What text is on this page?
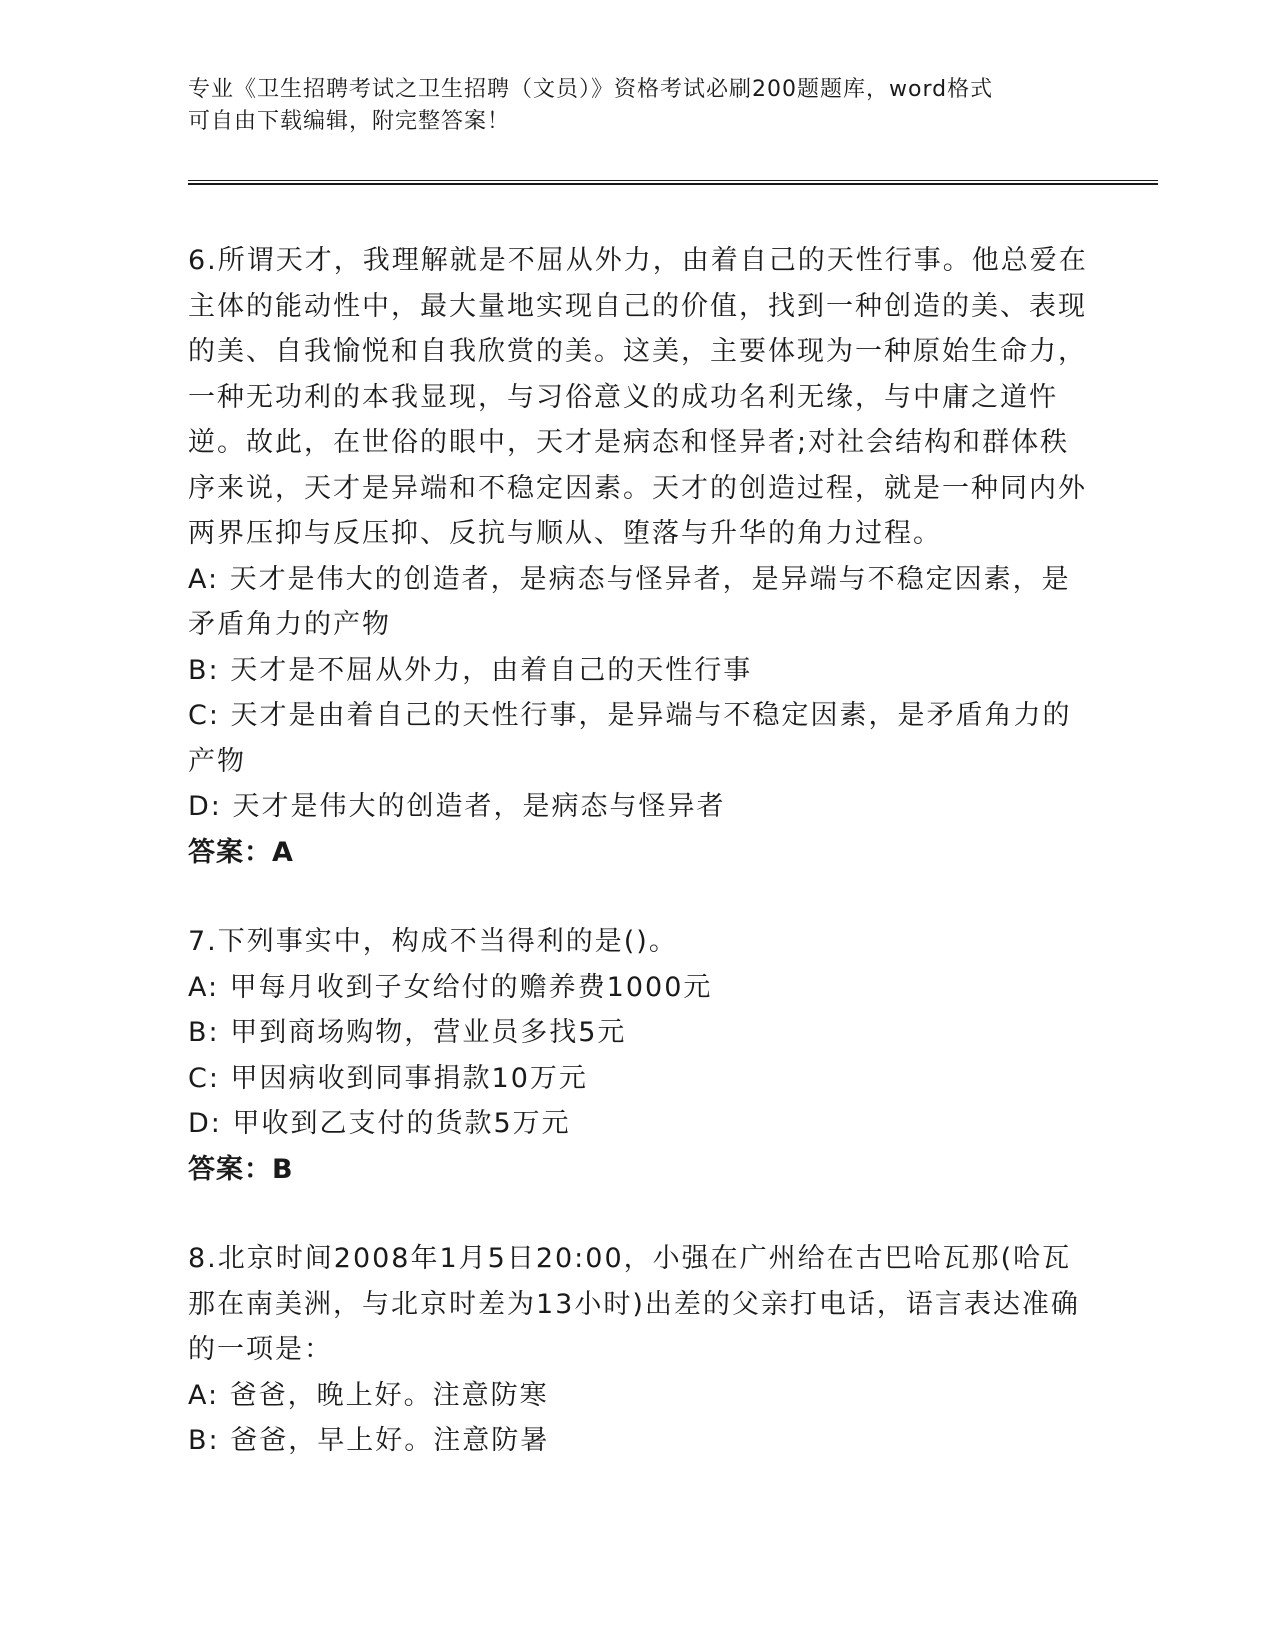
专业《卫生招聘考试之卫生招聘（文员）》资格考试必刷200题题库，word格式
可自由下载编辑，附完整答案！

6.所谓天才，我理解就是不屈从外力，由着自己的天性行事。他总爱在主体的能动性中，最大量地实现自己的价值，找到一种创造的美、表现的美、自我愉悦和自我欣赏的美。这美，主要体现为一种原始生命力，一种无功利的本我显现，与习俗意义的成功名利无缘，与中庸之道忤逆。故此，在世俗的眼中，天才是病态和怪异者;对社会结构和群体秩序来说，天才是异端和不稳定因素。天才的创造过程，就是一种同内外两界压抑与反压抑、反抗与顺从、堕落与升华的角力过程。

A: 天才是伟大的创造者，是病态与怪异者，是异端与不稳定因素，是矛盾角力的产物

B: 天才是不屈从外力，由着自己的天性行事

C: 天才是由着自己的天性行事，是异端与不稳定因素，是矛盾角力的产物

D: 天才是伟大的创造者，是病态与怪异者

答案：A

7.下列事实中，构成不当得利的是()。

A: 甲每月收到子女给付的赡养费1000元

B: 甲到商场购物，营业员多找5元

C: 甲因病收到同事捐款10万元

D: 甲收到乙支付的货款5万元

答案：B

8.北京时间2008年1月5日20:00，小强在广州给在古巴哈瓦那(哈瓦那在南美洲，与北京时差为13小时)出差的父亲打电话，语言表达准确的一项是：

A: 爸爸，晚上好。注意防寒

B: 爸爸，早上好。注意防暑
